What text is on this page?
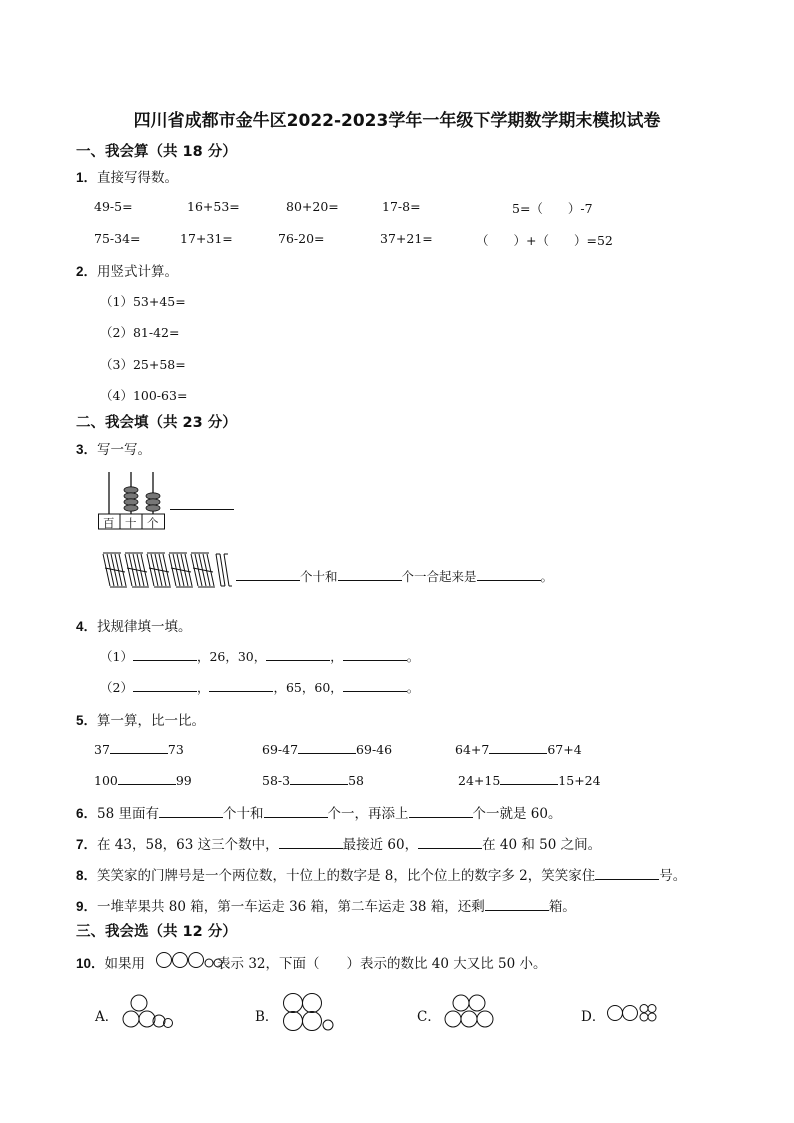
四川省成都市金牛区2022-2023学年一年级下学期数学期末模拟试卷
一、我会算（共 18 分）
1．直接写得数。
49-5=	16+53=	80+20=	17-8=	5=（　　）-7
75-34=	17+31=	76-20=	37+21=	（　　）+（　　）=52
2．用竖式计算。
（1）53+45=
（2）81-42=
（3）25+58=
（4）100-63=
二、我会填（共 23 分）
3．写一写。
百 十 个
个十和	个一合起来是	。
4．找规律填一填。
（1）	，26，30，	，	。
（2）	，	，65，60，	。
5．算一算，比一比。
37	73	69-47	69-46	64+7	67+4
100	99	58-3	58	24+15	15+24
6．58 里面有	个十和	个一，再添上	个一就是 60。
7．在 43，58，63 这三个数中，	最接近 60，	在 40 和 50 之间。
8．笑笑家的门牌号是一个两位数，十位上的数字是 8，比个位上的数字多 2，笑笑家住	号。
9．一堆苹果共 80 箱，第一车运走 36 箱，第二车运走 38 箱，还剩	箱。
三、我会选（共 12 分）
10．如果用	表示 32，下面（　　）表示的数比 40 大又比 50 小。
A．	B．	C．	D．
